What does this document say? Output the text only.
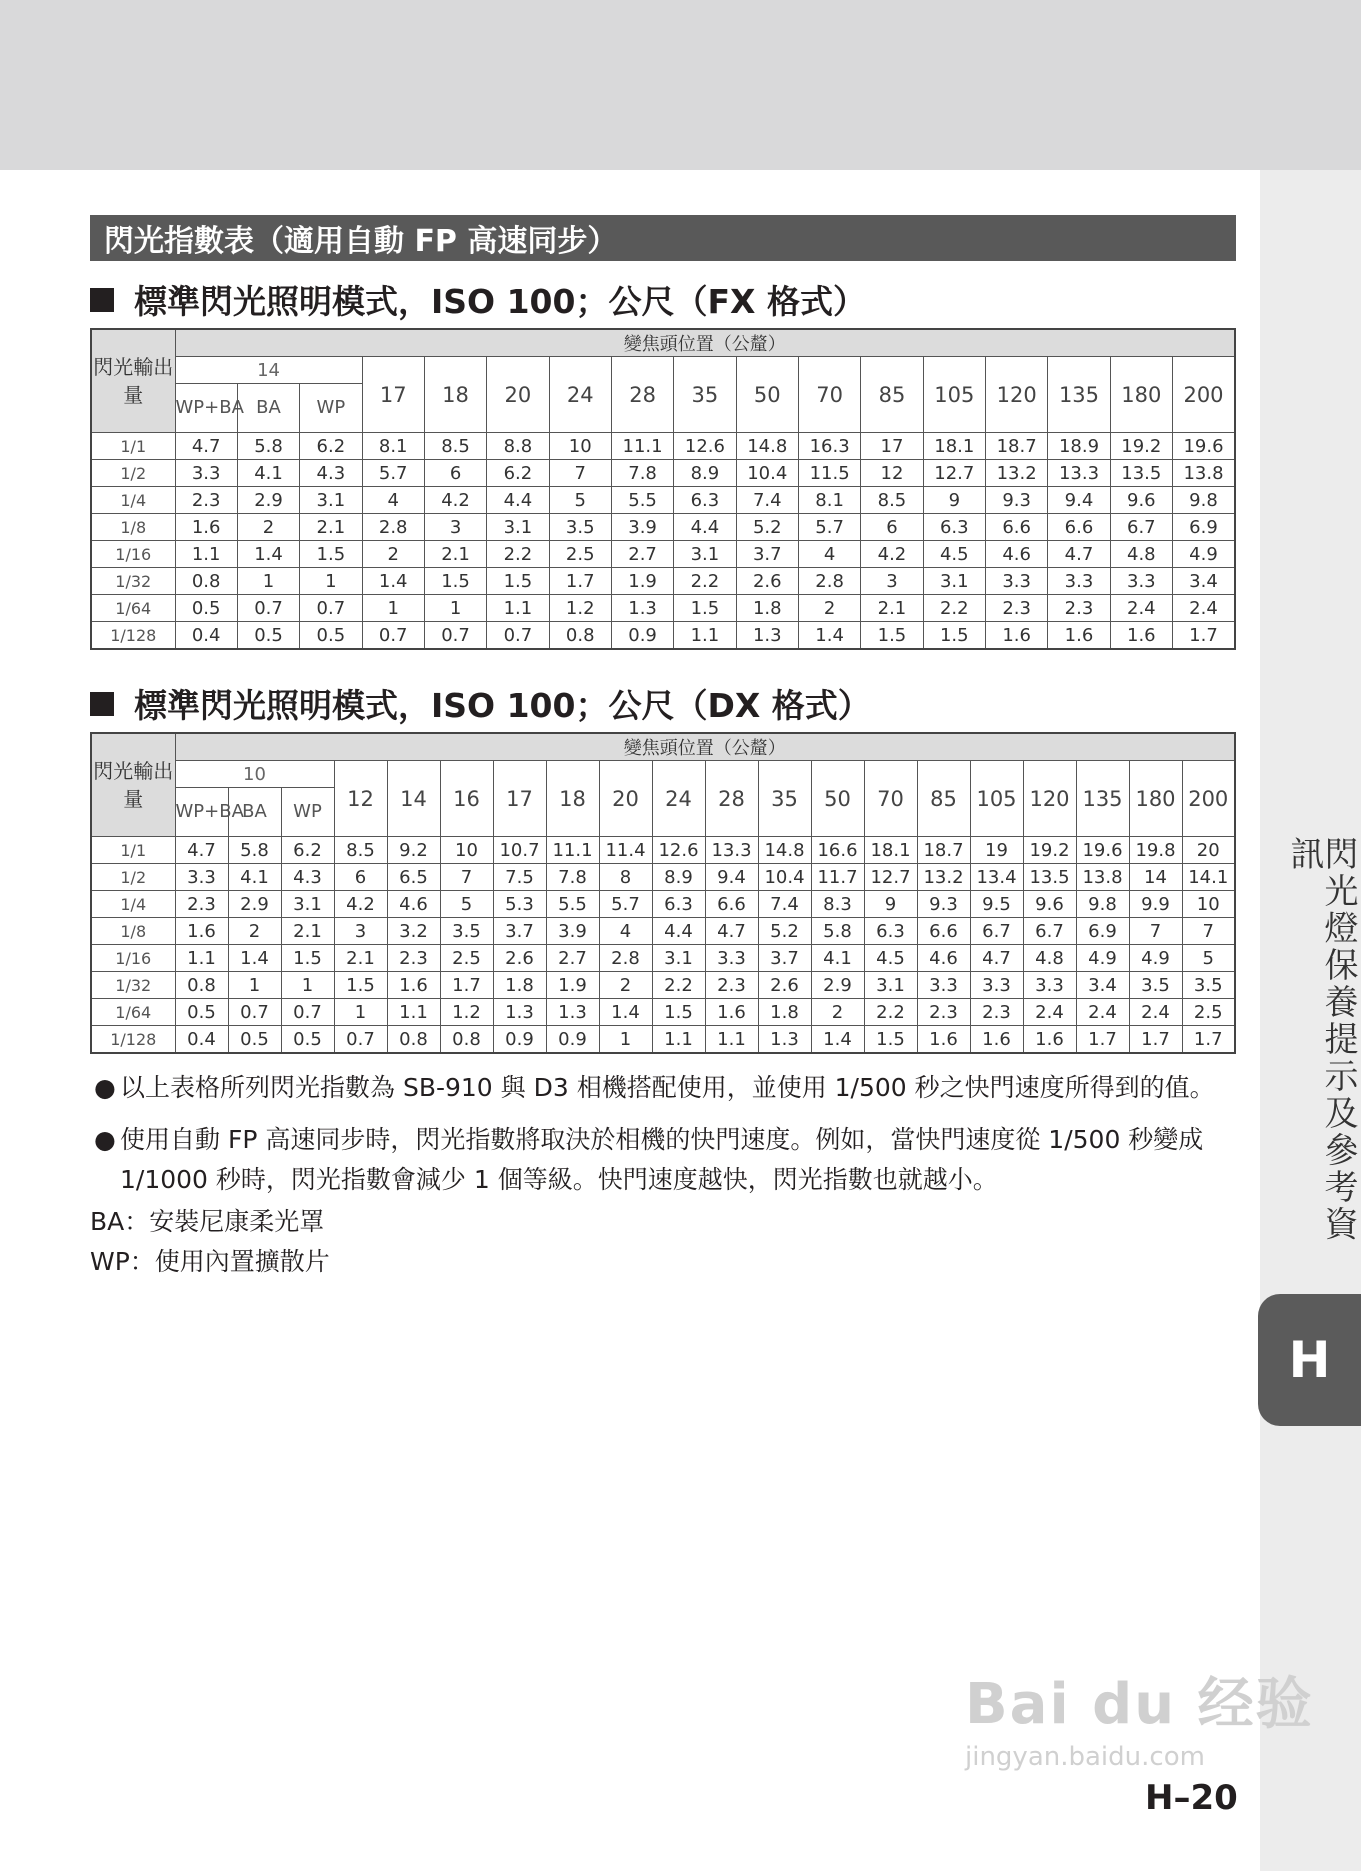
閃光燈保養提示及參考資訊
H
閃光指數表（適用自動 FP 高速同步）
標準閃光照明模式，ISO 100；公尺（FX 格式）
閃光輸出量	變焦頭位置（公釐）																
	14			17	18	20	24	28	35	50	70	85	105	120	135	180	200
	WP+BA	BA	WP														
1/1	4.7	5.8	6.2	8.1	8.5	8.8	10	11.1	12.6	14.8	16.3	17	18.1	18.7	18.9	19.2	19.6
1/2	3.3	4.1	4.3	5.7	6	6.2	7	7.8	8.9	10.4	11.5	12	12.7	13.2	13.3	13.5	13.8
1/4	2.3	2.9	3.1	4	4.2	4.4	5	5.5	6.3	7.4	8.1	8.5	9	9.3	9.4	9.6	9.8
1/8	1.6	2	2.1	2.8	3	3.1	3.5	3.9	4.4	5.2	5.7	6	6.3	6.6	6.6	6.7	6.9
1/16	1.1	1.4	1.5	2	2.1	2.2	2.5	2.7	3.1	3.7	4	4.2	4.5	4.6	4.7	4.8	4.9
1/32	0.8	1	1	1.4	1.5	1.5	1.7	1.9	2.2	2.6	2.8	3	3.1	3.3	3.3	3.3	3.4
1/64	0.5	0.7	0.7	1	1	1.1	1.2	1.3	1.5	1.8	2	2.1	2.2	2.3	2.3	2.4	2.4
1/128	0.4	0.5	0.5	0.7	0.7	0.7	0.8	0.9	1.1	1.3	1.4	1.5	1.5	1.6	1.6	1.6	1.7
標準閃光照明模式，ISO 100；公尺（DX 格式）
閃光輸出量	變焦頭位置（公釐）																			
	10			12	14	16	17	18	20	24	28	35	50	70	85	105	120	135	180	200
	WP+BA	BA	WP																	
1/1	4.7	5.8	6.2	8.5	9.2	10	10.7	11.1	11.4	12.6	13.3	14.8	16.6	18.1	18.7	19	19.2	19.6	19.8	20
1/2	3.3	4.1	4.3	6	6.5	7	7.5	7.8	8	8.9	9.4	10.4	11.7	12.7	13.2	13.4	13.5	13.8	14	14.1
1/4	2.3	2.9	3.1	4.2	4.6	5	5.3	5.5	5.7	6.3	6.6	7.4	8.3	9	9.3	9.5	9.6	9.8	9.9	10
1/8	1.6	2	2.1	3	3.2	3.5	3.7	3.9	4	4.4	4.7	5.2	5.8	6.3	6.6	6.7	6.7	6.9	7	7
1/16	1.1	1.4	1.5	2.1	2.3	2.5	2.6	2.7	2.8	3.1	3.3	3.7	4.1	4.5	4.6	4.7	4.8	4.9	4.9	5
1/32	0.8	1	1	1.5	1.6	1.7	1.8	1.9	2	2.2	2.3	2.6	2.9	3.1	3.3	3.3	3.3	3.4	3.5	3.5
1/64	0.5	0.7	0.7	1	1.1	1.2	1.3	1.3	1.4	1.5	1.6	1.8	2	2.2	2.3	2.3	2.4	2.4	2.4	2.5
1/128	0.4	0.5	0.5	0.7	0.8	0.8	0.9	0.9	1	1.1	1.1	1.3	1.4	1.5	1.6	1.6	1.6	1.7	1.7	1.7
● 以上表格所列閃光指數為 SB-910 與 D3 相機搭配使用，並使用 1/500 秒之快門速度所得到的值。
● 使用自動 FP 高速同步時，閃光指數將取決於相機的快門速度。例如，當快門速度從 1/500 秒變成 1/1000 秒時，閃光指數會減少 1 個等級。快門速度越快，閃光指數也就越小。
BA：安裝尼康柔光罩
WP：使用內置擴散片
Bai du 经验
jingyan.baidu.com
H–20
